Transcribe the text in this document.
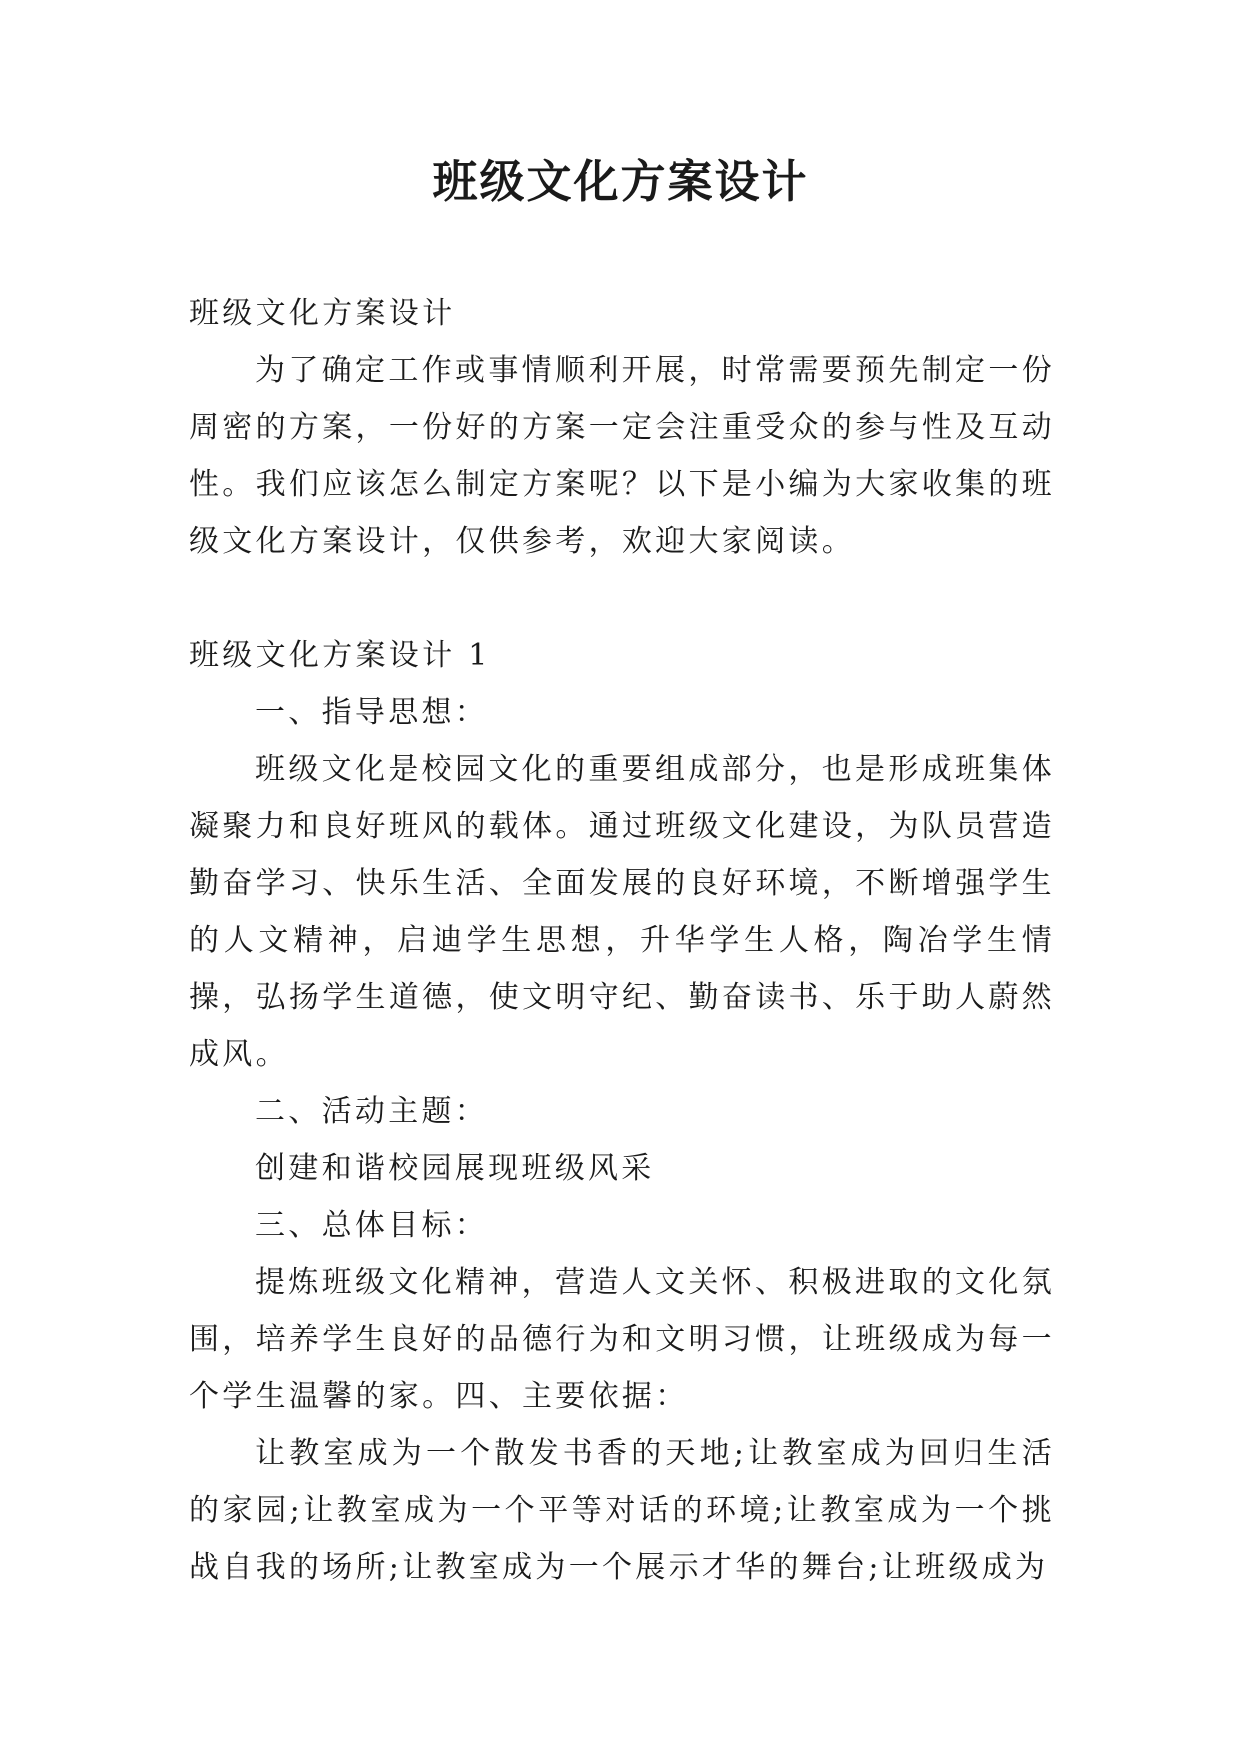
班级文化方案设计

班级文化方案设计

为了确定工作或事情顺利开展，时常需要预先制定一份周密的方案，一份好的方案一定会注重受众的参与性及互动性。我们应该怎么制定方案呢？以下是小编为大家收集的班级文化方案设计，仅供参考，欢迎大家阅读。

班级文化方案设计 1

一、指导思想：

班级文化是校园文化的重要组成部分，也是形成班集体凝聚力和良好班风的载体。通过班级文化建设，为队员营造勤奋学习、快乐生活、全面发展的良好环境，不断增强学生的人文精神，启迪学生思想，升华学生人格，陶冶学生情操，弘扬学生道德，使文明守纪、勤奋读书、乐于助人蔚然成风。

二、活动主题：

创建和谐校园展现班级风采

三、总体目标：

提炼班级文化精神，营造人文关怀、积极进取的文化氛围，培养学生良好的品德行为和文明习惯，让班级成为每一个学生温馨的家。四、主要依据：

让教室成为一个散发书香的天地;让教室成为回归生活的家园;让教室成为一个平等对话的环境;让教室成为一个挑战自我的场所;让教室成为一个展示才华的舞台;让班级成为
